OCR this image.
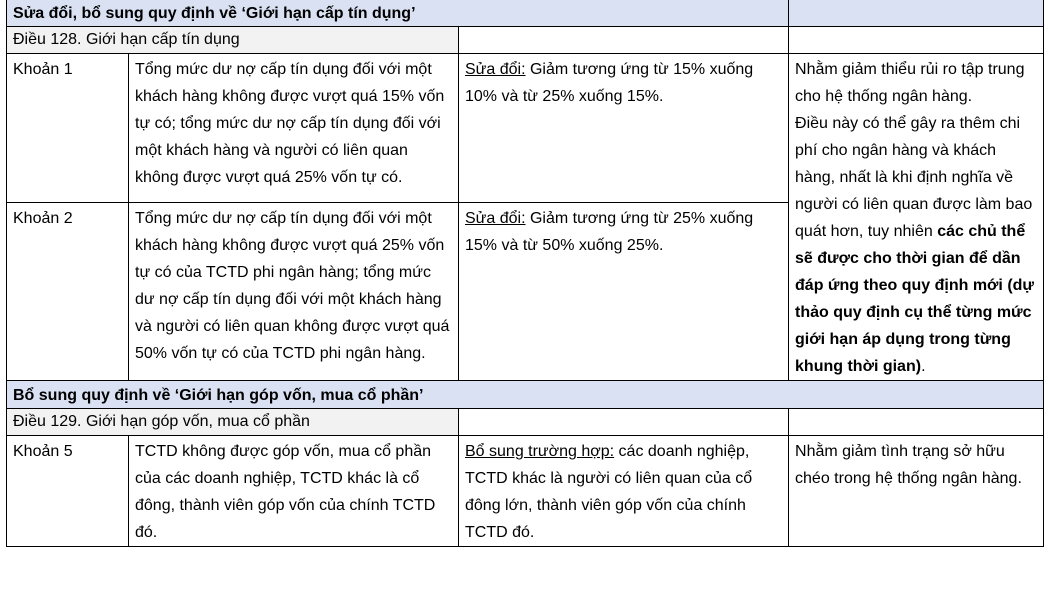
Sửa đổi, bổ sung quy định về ‘Giới hạn cấp tín dụng’			
Điều 128. Giới hạn cấp tín dụng			
Khoản 1	Tổng mức dư nợ cấp tín dụng đối với một khách hàng không được vượt quá 15% vốn tự có; tổng mức dư nợ cấp tín dụng đối với một khách hàng và người có liên quan không được vượt quá 25% vốn tự có.	Sửa đổi: Giảm tương ứng từ 15% xuống 10% và từ 25% xuống 15%.	Nhằm giảm thiểu rủi ro tập trung cho hệ thống ngân hàng.
Điều này có thể gây ra thêm chi phí cho ngân hàng và khách hàng, nhất là khi định nghĩa về người có liên quan được làm bao quát hơn, tuy nhiên các chủ thể sẽ được cho thời gian để dần đáp ứng theo quy định mới (dự thảo quy định cụ thể từng mức giới hạn áp dụng trong từng khung thời gian).

Khoản 2	Tổng mức dư nợ cấp tín dụng đối với một khách hàng không được vượt quá 25% vốn tự có của TCTD phi ngân hàng; tổng mức dư nợ cấp tín dụng đối với một khách hàng và người có liên quan không được vượt quá 50% vốn tự có của TCTD phi ngân hàng.	Sửa đổi: Giảm tương ứng từ 25% xuống 15% và từ 50% xuống 25%.	
Bổ sung quy định về ‘Giới hạn góp vốn, mua cổ phần’			
Điều 129. Giới hạn góp vốn, mua cổ phần			
Khoản 5	TCTD không được góp vốn, mua cổ phần của các doanh nghiệp, TCTD khác là cổ đông, thành viên góp vốn của chính TCTD đó.	Bổ sung trường hợp: các doanh nghiệp, TCTD khác là người có liên quan của cổ đông lớn, thành viên góp vốn của chính TCTD đó.	Nhằm giảm tình trạng sở hữu chéo trong hệ thống ngân hàng.
